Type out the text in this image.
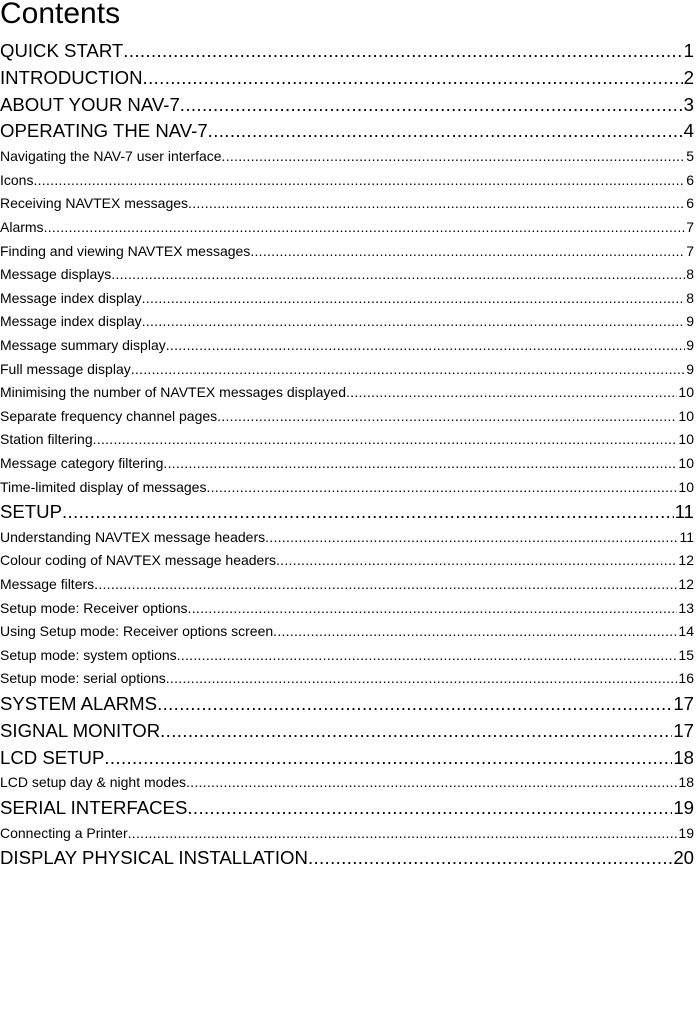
Contents
QUICK START .....	1
INTRODUCTION .....	2
ABOUT YOUR NAV-7 .....	3
OPERATING THE NAV-7 .....	4
Navigating the NAV-7 user interface .....	5
Icons .....	6
Receiving NAVTEX messages .....	6
Alarms .....	7
Finding and viewing NAVTEX messages .....	7
Message displays .....	8
Message index display .....	8
Message index display .....	9
Message summary display .....	9
Full message display .....	9
Minimising the number of NAVTEX messages displayed .....	10
Separate frequency channel pages .....	10
Station filtering .....	10
Message category filtering .....	10
Time-limited display of messages .....	10
SETUP .....	11
Understanding NAVTEX message headers .....	11
Colour coding of NAVTEX message headers .....	12
Message filters .....	12
Setup mode: Receiver options .....	13
Using Setup mode: Receiver options screen .....	14
Setup mode: system options .....	15
Setup mode: serial options .....	16
SYSTEM ALARMS .....	17
SIGNAL MONITOR .....	17
LCD SETUP .....	18
LCD setup day & night modes .....	18
SERIAL INTERFACES .....	19
Connecting a Printer .....	19
DISPLAY PHYSICAL INSTALLATION .....	20
